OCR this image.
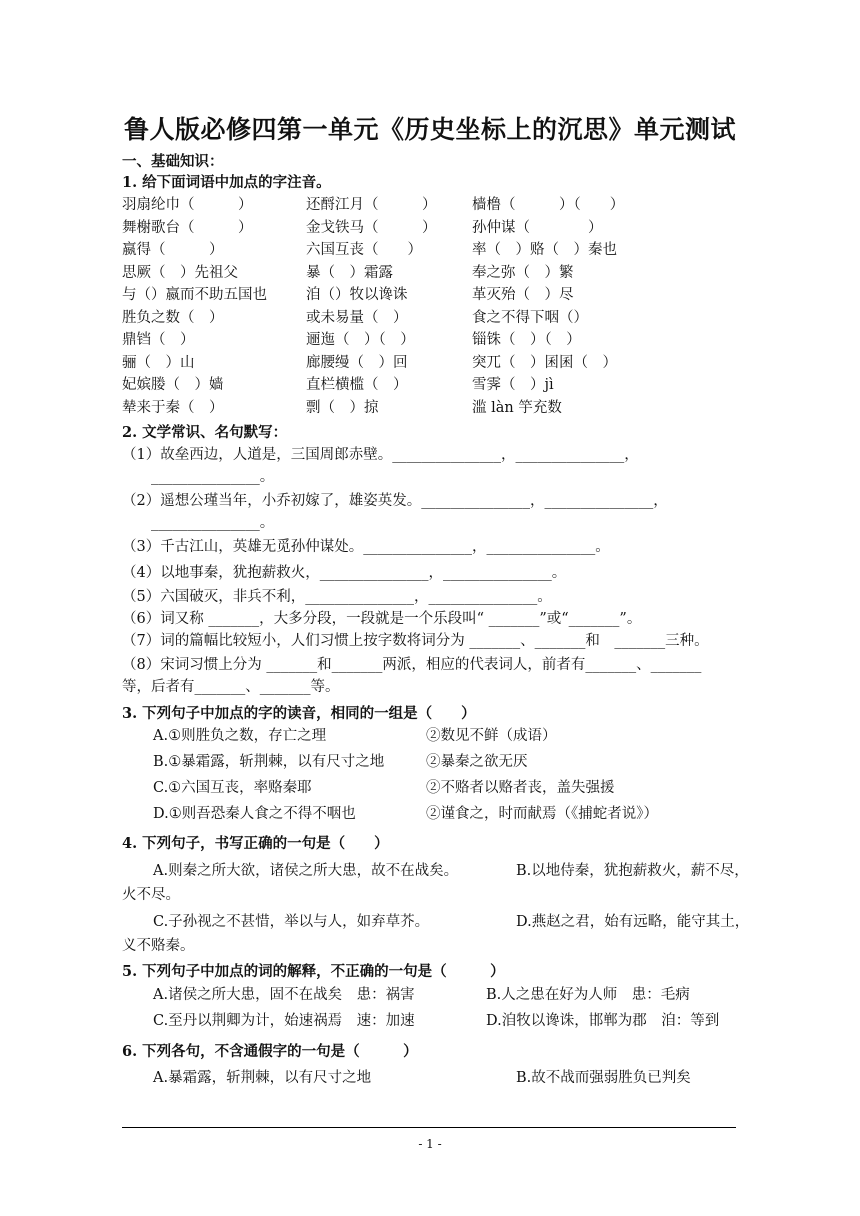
鲁人版必修四第一单元《历史坐标上的沉思》单元测试
一、基础知识：
1. 给下面词语中加点的字注音。
羽扇纶巾（　　　）	还酹江月（　　　） 樯橹（　　　）（　　）
舞榭歌台（　　　）	金戈铁马（　　　） 孙仲谋（　　　　）
嬴得（　　　）	六国互丧（　　）	率（　）赂（　）秦也
思厥（　）先祖父	暴（　）霜露	奉之弥（　）繁
与（）嬴而不助五国也	洎（）牧以谗诛	革灭殆（　）尽
胜负之数（　）	或未易量（　）	食之不得下咽（）
鼎铛（　）	逦迤（　）（　）	锱铢（　）（　）
骊（　）山	廊腰缦（　）回	突兀（　）囷囷（　）
妃嫔媵（　）嫱	直栏横槛（　）	雪霁（　）jì
辇来于秦（　）	剽（　）掠	滥 làn 竽充数
2. 文学常识、名句默写：
（1）故垒西边，人道是，三国周郎赤壁。_______________，_______________，
　　_______________。
（2）遥想公瑾当年，小乔初嫁了，雄姿英发。_______________，_______________，
　　_______________。
（3）千古江山，英雄无觅孙仲谋处。_______________，_______________。
（4）以地事秦，犹抱薪救火，_______________，_______________。
（5）六国破灭，非兵不利，_______________，_______________。
（6）词又称 _______，大多分段，一段就是一个乐段叫“ _______”或“_______”。
（7）词的篇幅比较短小，人们习惯上按字数将词分为 _______、_______和　_______三种。
（8）宋词习惯上分为 _______和_______两派，相应的代表词人，前者有_______、_______
等，后者有_______、_______等。
3. 下列句子中加点的字的读音，相同的一组是（　　）
A.①则胜负之数，存亡之理	②数见不鲜（成语）
B.①暴霜露，斩荆棘，以有尺寸之地	②暴秦之欲无厌
C.①六国互丧，率赂秦耶	②不赂者以赂者丧，盖失强援
D.①则吾恐秦人食之不得不咽也	②谨食之，时而献焉（《捕蛇者说》）
4. 下列句子，书写正确的一句是（　　）
A.则秦之所大欲，诸侯之所大患，故不在战矣。	B.以地侍秦，犹抱薪救火，薪不尽，
火不尽。
C.子孙视之不甚惜，举以与人，如弃草芥。	D.燕赵之君，始有远略，能守其土，
义不赂秦。
5. 下列句子中加点的词的解释，不正确的一句是（　　　）
A.诸侯之所大患，固不在战矣　患：祸害	B.人之患在好为人师　患：毛病
C.至丹以荆卿为计，始速祸焉　速：加速	D.洎牧以谗诛，邯郸为郡　洎：等到
6. 下列各句，不含通假字的一句是（　　　）
A.暴霜露，斩荆棘，以有尺寸之地	B.故不战而强弱胜负已判矣
- 1 -
